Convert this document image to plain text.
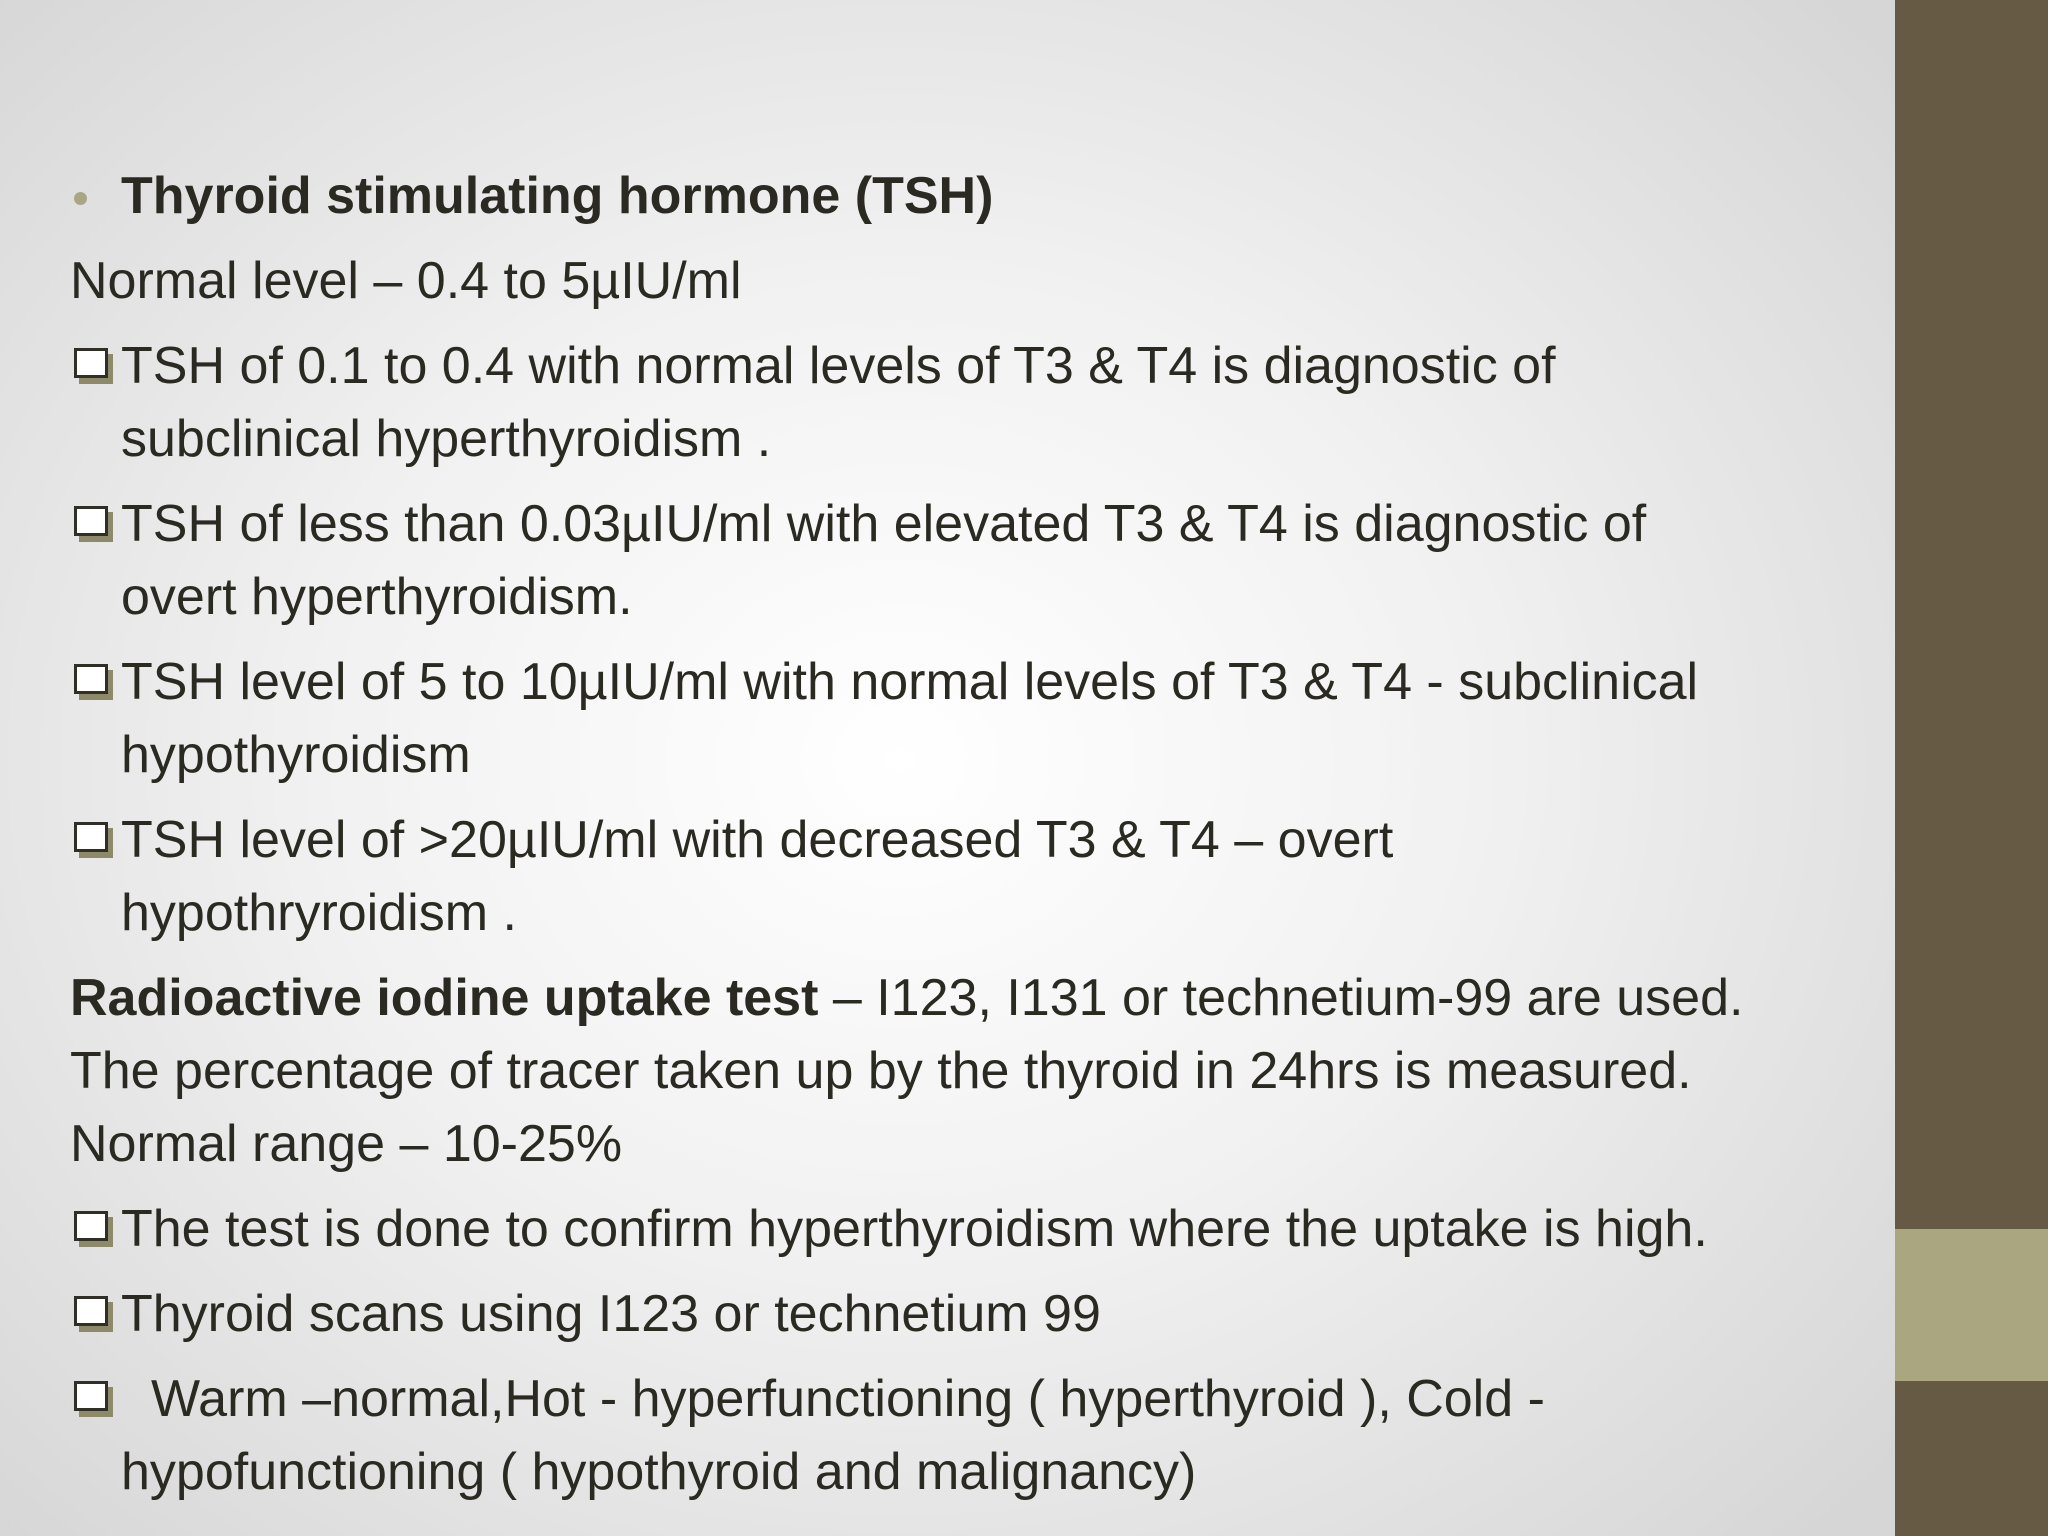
Thyroid stimulating hormone (TSH)
Normal level – 0.4 to 5µIU/ml
TSH of 0.1 to 0.4 with normal levels of T3 & T4 is diagnostic of
subclinical hyperthyroidism .
TSH of less than 0.03µIU/ml with elevated T3 & T4 is diagnostic of
overt hyperthyroidism.
TSH level of 5 to 10µIU/ml with normal levels of T3 & T4 - subclinical
hypothyroidism
TSH level of >20µIU/ml with decreased T3 & T4 – overt
hypothryroidism .
Radioactive iodine uptake test – I123, I131 or technetium-99 are used.
The percentage of tracer taken up by the thyroid in 24hrs is measured.
Normal range – 10-25%
The test is done to confirm hyperthyroidism where the uptake is high.
Thyroid scans using I123 or technetium 99
Warm –normal,Hot - hyperfunctioning ( hyperthyroid ), Cold -
hypofunctioning ( hypothyroid and malignancy)
